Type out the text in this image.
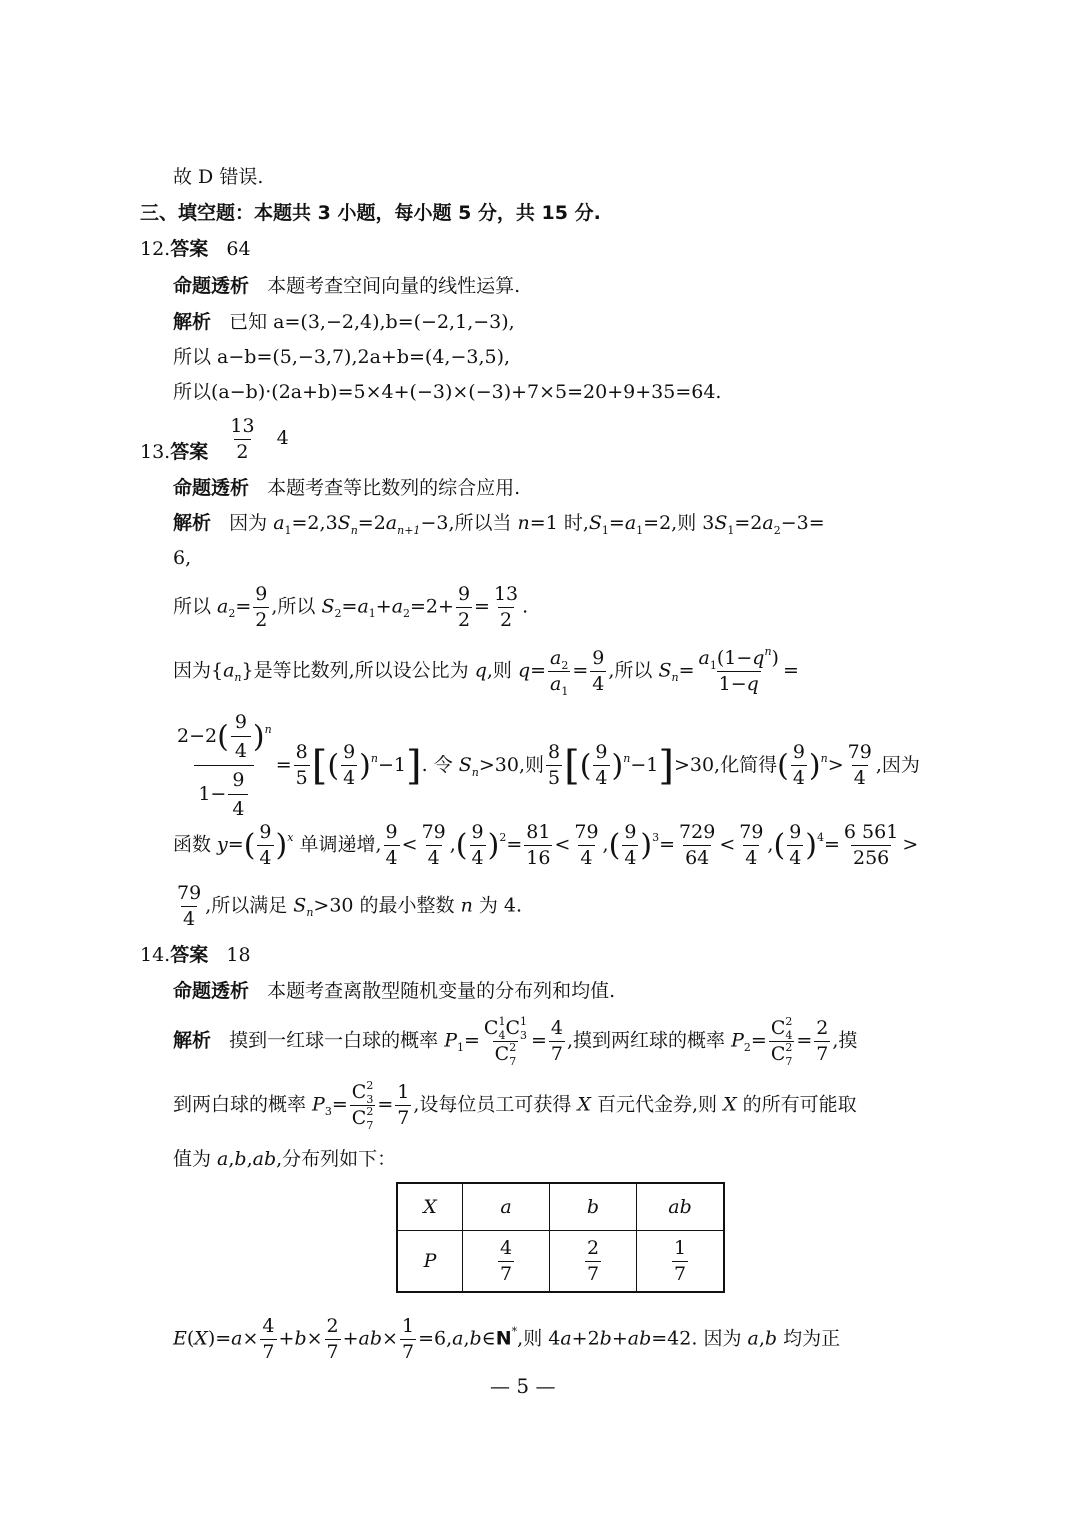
故 D 错误.
三、填空题：本题共 3 小题，每小题 5 分，共 15 分.
12.答案 64
命题透析 本题考查空间向量的线性运算.
解析 已知 a=(3,−2,4),b=(−2,1,−3),
所以 a−b=(5,−3,7),2a+b=(4,−3,5),
所以(a−b)·(2a+b)=5×4+(−3)×(−3)+7×5=20+9+35=64.
13.答案 $\frac{13}{2} 4$
命题透析 本题考查等比数列的综合应用.
解析   因为 $a_1=2,3S_n=2a_{n+1}-3$,所以当 n=1 时$,S_1=a_1=2$,则 $3S_1=2a_2-3=$
6,
所以 $a_2= \frac{9}{2}$ ,所以 $S_2=a_1+a_2=2+ \frac{9}{2} = \frac{13}{2}$ .
因为$\{a_n\}$是等比数列,所以设公比为 q,则 $q= \frac{a_2}{a_1} = \frac{9}{4}$ ,所以 $S_n= \frac{a_1(1-q^n)}{1-q}$ =
$\frac{2-2( \frac{9}{4} )^n}{1- \frac{9}{4}} = \frac{8}{5}$ [( $\frac{9}{4} )^n-1$]. 令 $S_n>30$,则 $\frac{8}{5}$ [( $\frac{9}{4} )^n-1]>30$,化简得( $\frac{9}{4} )^n> \frac{79}{4}$ ,因为
函数 $y=( \frac{9}{4} )^x$ 单调递增, $\frac{9}{4} < \frac{79}{4}$ ,( $\frac{9}{4} )^2= \frac{81}{16} < \frac{79}{4}$ ,( $\frac{9}{4} )^3= \frac{729}{64} < \frac{79}{4}$ ,( $\frac{9}{4} )^4= \frac{6 561}{256}$ >
$\frac{79}{4}$ ,所以满足 $S_n>30$ 的最小整数 n 为 4.
14.答案 18
命题透析 本题考查离散型随机变量的分布列和均值.
解析   摸到一红球一白球的概率 $P_1= \frac{C_4^1C_3^1}{C_7^2} = \frac{4}{7}$ ,摸到两红球的概率 $P_2= \frac{C_4^2}{C_7^2} = \frac{2}{7}$ ,摸
到两白球的概率 $P_3= \frac{C_3^2}{C_7^2} = \frac{1}{7}$ ,设每位员工可获得 X 百元代金券,则 X 的所有可能取
值为 a,b,ab,分布列如下：
X	a	b	ab
P	$\frac{4}{7}$	$\frac{2}{7}$	$\frac{1}{7}$
$E(X)=a\times \frac{4}{7} +b\times \frac{2}{7} +ab\times \frac{1}{7}$ =6,a,b∈N*,则 4a+2b+ab=42. 因为 a,b 均为正
— 5 —
